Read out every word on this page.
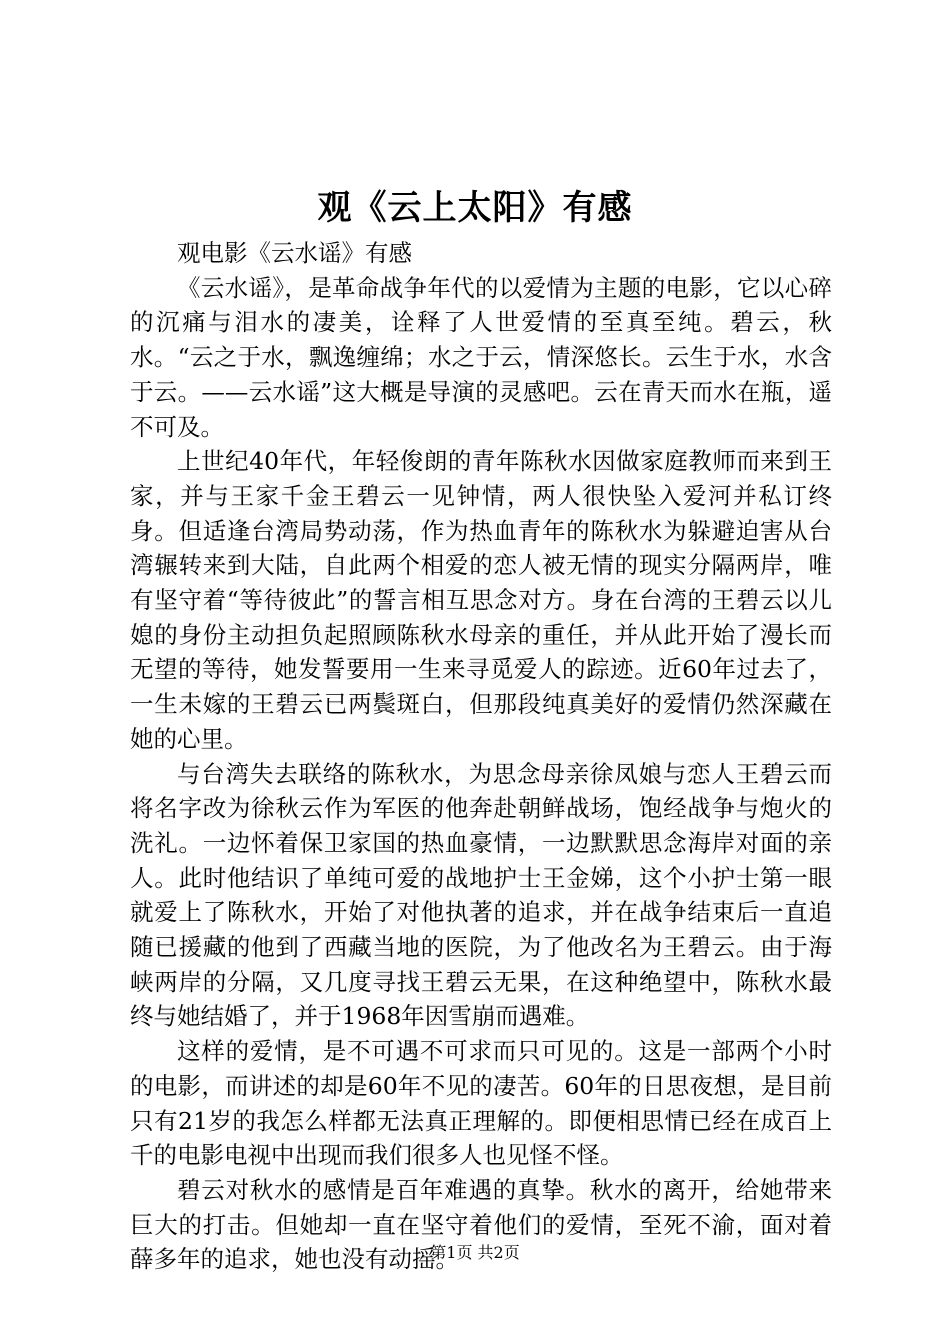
观《云上太阳》有感

观电影《云水谣》有感

《云水谣》，是革命战争年代的以爱情为主题的电影，它以心碎的沉痛与泪水的凄美，诠释了人世爱情的至真至纯。碧云，秋水。“云之于水，飘逸缠绵；水之于云，情深悠长。云生于水，水含于云。——云水谣”这大概是导演的灵感吧。云在青天而水在瓶，遥不可及。

上世纪40年代，年轻俊朗的青年陈秋水因做家庭教师而来到王家，并与王家千金王碧云一见钟情，两人很快坠入爱河并私订终身。但适逢台湾局势动荡，作为热血青年的陈秋水为躲避迫害从台湾辗转来到大陆，自此两个相爱的恋人被无情的现实分隔两岸，唯有坚守着“等待彼此”的誓言相互思念对方。身在台湾的王碧云以儿媳的身份主动担负起照顾陈秋水母亲的重任，并从此开始了漫长而无望的等待，她发誓要用一生来寻觅爱人的踪迹。近60年过去了，一生未嫁的王碧云已两鬓斑白，但那段纯真美好的爱情仍然深藏在她的心里。

与台湾失去联络的陈秋水，为思念母亲徐凤娘与恋人王碧云而将名字改为徐秋云作为军医的他奔赴朝鲜战场，饱经战争与炮火的洗礼。一边怀着保卫家国的热血豪情，一边默默思念海岸对面的亲人。此时他结识了单纯可爱的战地护士王金娣，这个小护士第一眼就爱上了陈秋水，开始了对他执著的追求，并在战争结束后一直追随已援藏的他到了西藏当地的医院，为了他改名为王碧云。由于海峡两岸的分隔，又几度寻找王碧云无果，在这种绝望中，陈秋水最终与她结婚了，并于1968年因雪崩而遇难。

这样的爱情，是不可遇不可求而只可见的。这是一部两个小时的电影，而讲述的却是60年不见的凄苦。60年的日思夜想，是目前只有21岁的我怎么样都无法真正理解的。即便相思情已经在成百上千的电影电视中出现而我们很多人也见怪不怪。

碧云对秋水的感情是百年难遇的真挚。秋水的离开，给她带来巨大的打击。但她却一直在坚守着他们的爱情，至死不渝，面对着薛多年的追求，她也没有动摇。

第1页 共2页
